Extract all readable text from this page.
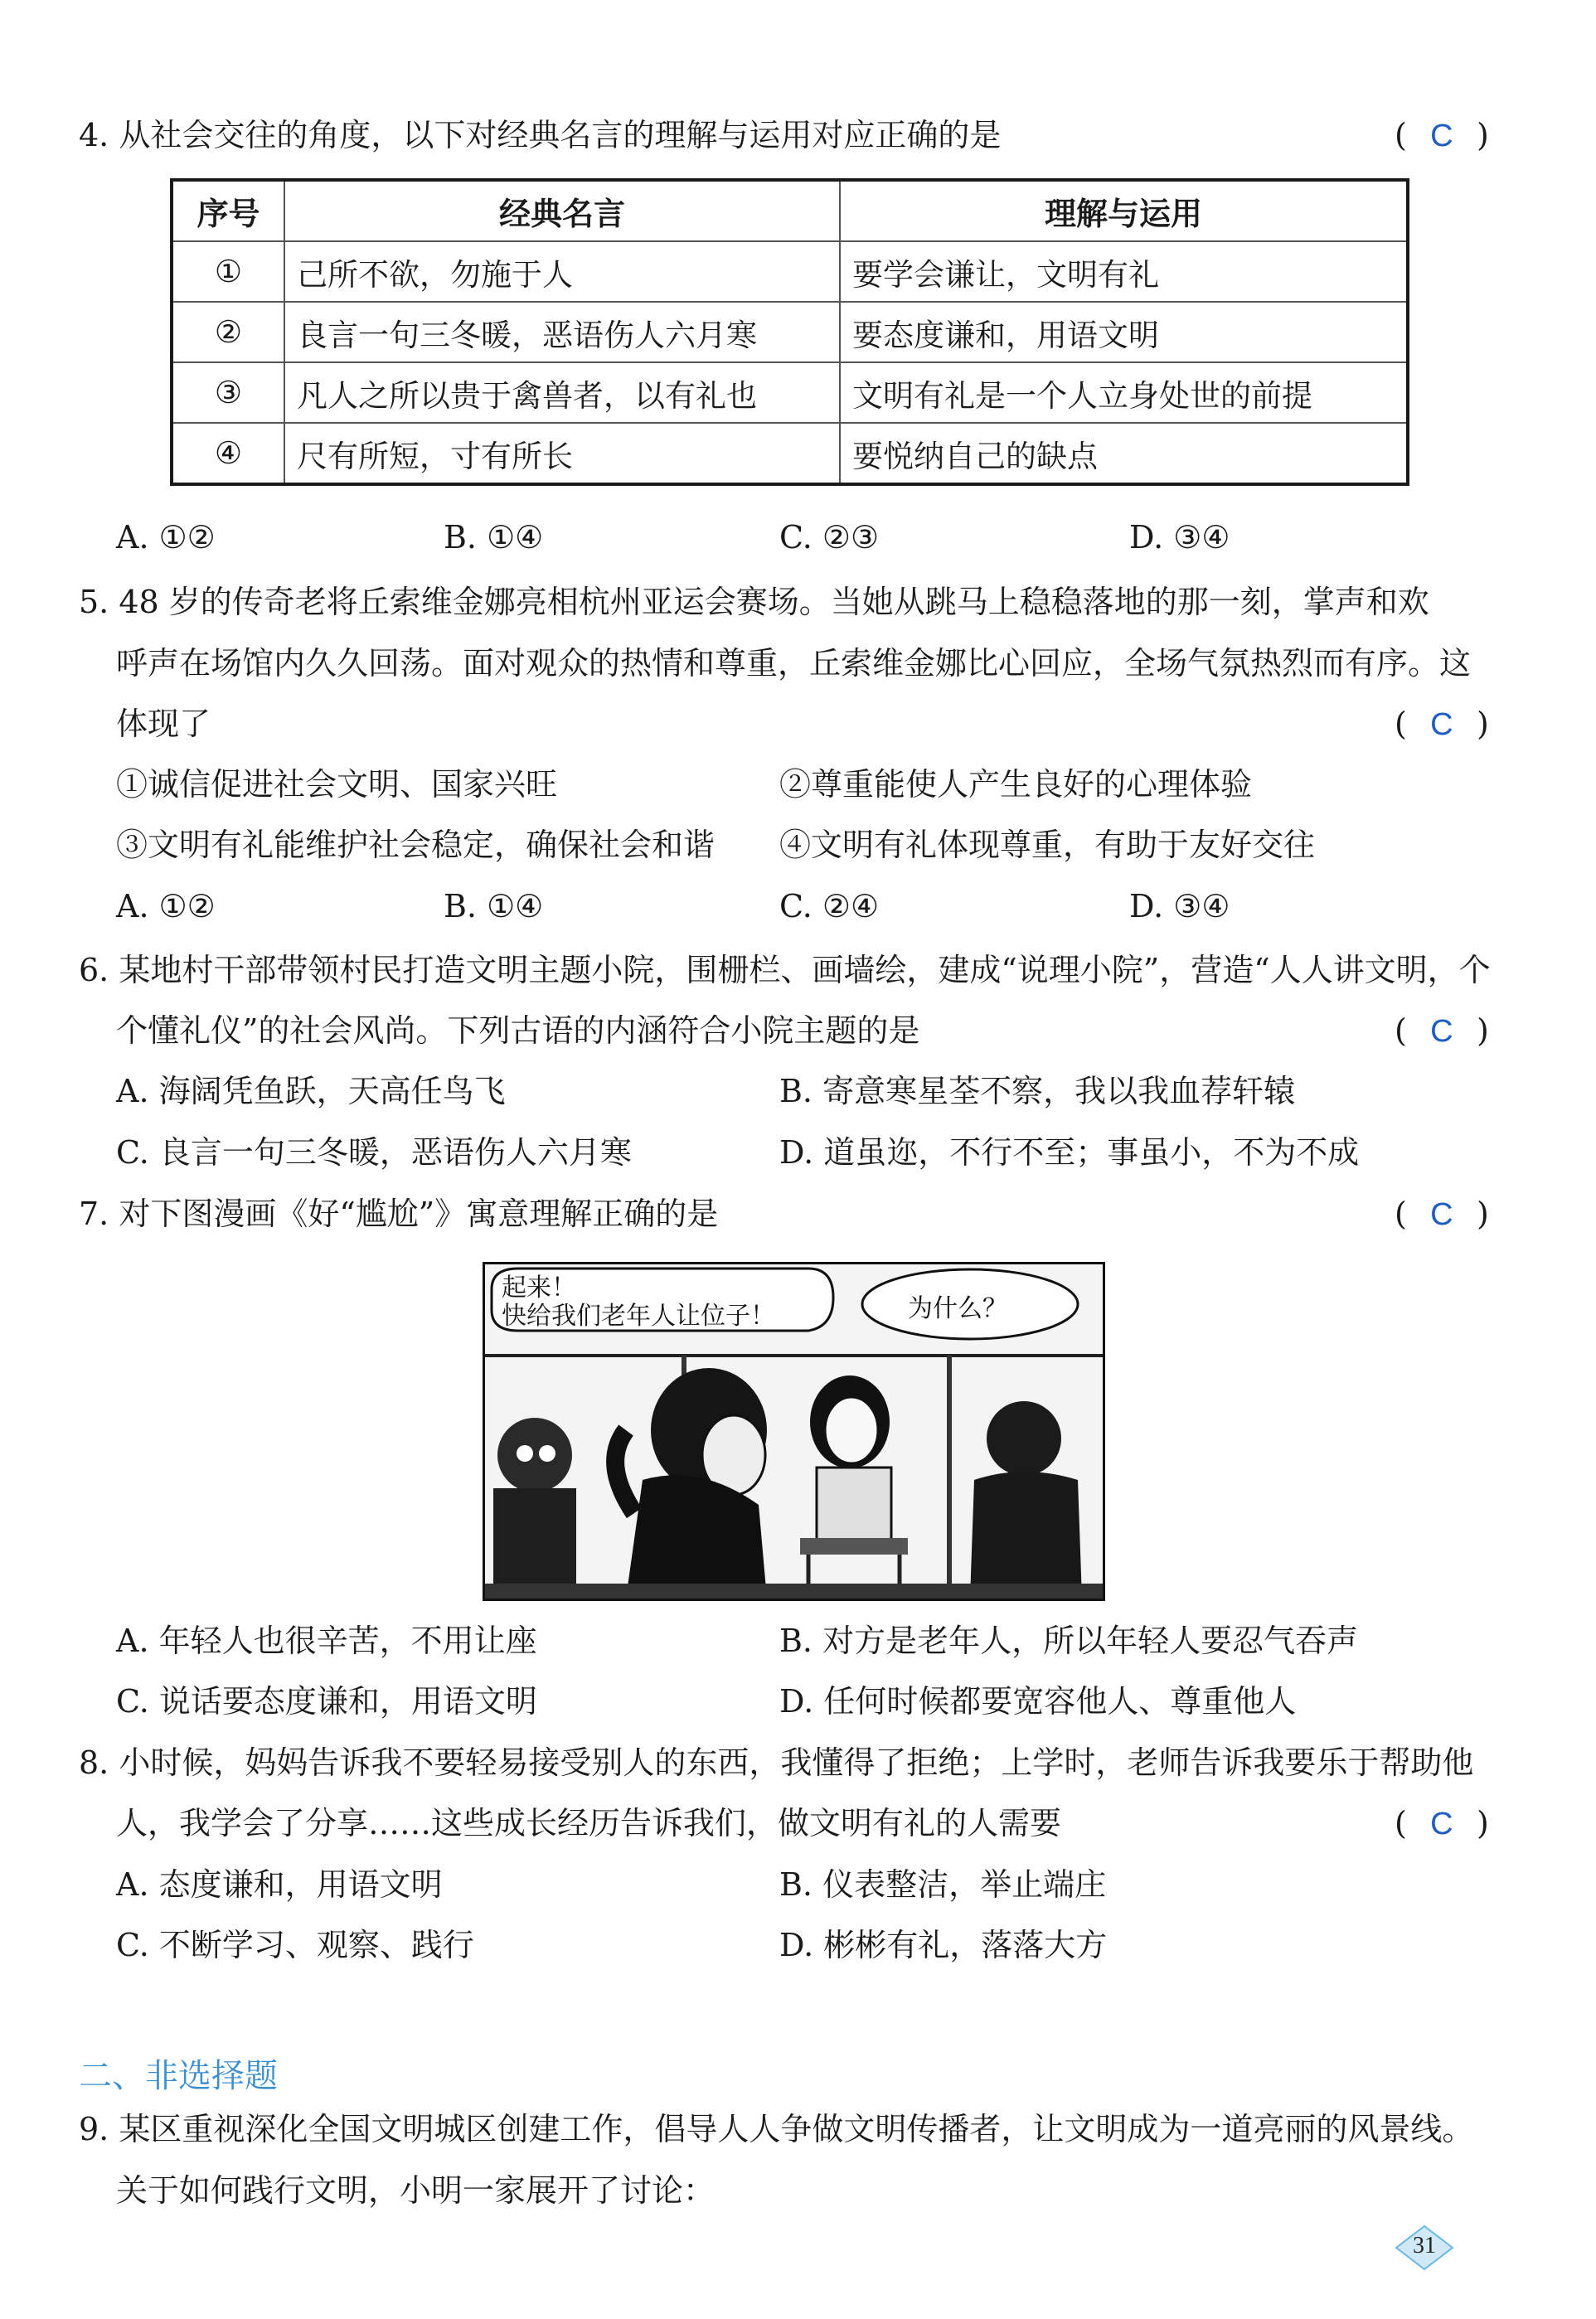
4. 从社会交往的角度，以下对经典名言的理解与运用对应正确的是	( C )
序号	经典名言	理解与运用
①	己所不欲，勿施于人	要学会谦让，文明有礼
②	良言一句三冬暖，恶语伤人六月寒	要态度谦和，用语文明
③	凡人之所以贵于禽兽者，以有礼也	文明有礼是一个人立身处世的前提
④	尺有所短，寸有所长	要悦纳自己的缺点
A. ①②	B. ①④	C. ②③	D. ③④
5. 48 岁的传奇老将丘索维金娜亮相杭州亚运会赛场。当她从跳马上稳稳落地的那一刻，掌声和欢
呼声在场馆内久久回荡。面对观众的热情和尊重，丘索维金娜比心回应，全场气氛热烈而有序。这
体现了	( C )
①诚信促进社会文明、国家兴旺	②尊重能使人产生良好的心理体验
③文明有礼能维护社会稳定，确保社会和谐 ④文明有礼体现尊重，有助于友好交往
A. ①②	B. ①④	C. ②④	D. ③④
6. 某地村干部带领村民打造文明主题小院，围栅栏、画墙绘，建成“说理小院”，营造“人人讲文明，个
个懂礼仪”的社会风尚。下列古语的内涵符合小院主题的是	( C )
A. 海阔凭鱼跃，天高任鸟飞	B. 寄意寒星荃不察，我以我血荐轩辕
C. 良言一句三冬暖，恶语伤人六月寒	D. 道虽迩，不行不至；事虽小，不为不成
7. 对下图漫画《好“尴尬”》寓意理解正确的是	( C )
起来！
快给我们老年人让位子！	为什么？
A. 年轻人也很辛苦，不用让座	B. 对方是老年人，所以年轻人要忍气吞声
C. 说话要态度谦和，用语文明	D. 任何时候都要宽容他人、尊重他人
8. 小时候，妈妈告诉我不要轻易接受别人的东西，我懂得了拒绝；上学时，老师告诉我要乐于帮助他
人，我学会了分享……这些成长经历告诉我们，做文明有礼的人需要	( C )
A. 态度谦和，用语文明	B. 仪表整洁，举止端庄
C. 不断学习、观察、践行	D. 彬彬有礼，落落大方
二、非选择题
9. 某区重视深化全国文明城区创建工作，倡导人人争做文明传播者，让文明成为一道亮丽的风景线。
关于如何践行文明，小明一家展开了讨论：
31
